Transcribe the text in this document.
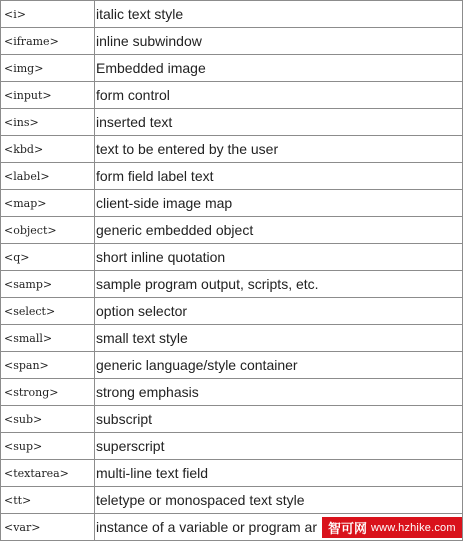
<i>	italic text style
<iframe>	inline subwindow
<img>	Embedded image
<input>	form control
<ins>	inserted text
<kbd>	text to be entered by the user
<label>	form field label text
<map>	client-side image map
<object>	generic embedded object
<q>	short inline quotation
<samp>	sample program output, scripts, etc.
<select>	option selector
<small>	small text style
<span>	generic language/style container
<strong>	strong emphasis
<sub>	subscript
<sup>	superscript
<textarea>	multi-line text field
<tt>	teletype or monospaced text style
<var>	instance of a variable or program ar 智可网 www.hzhike.com
